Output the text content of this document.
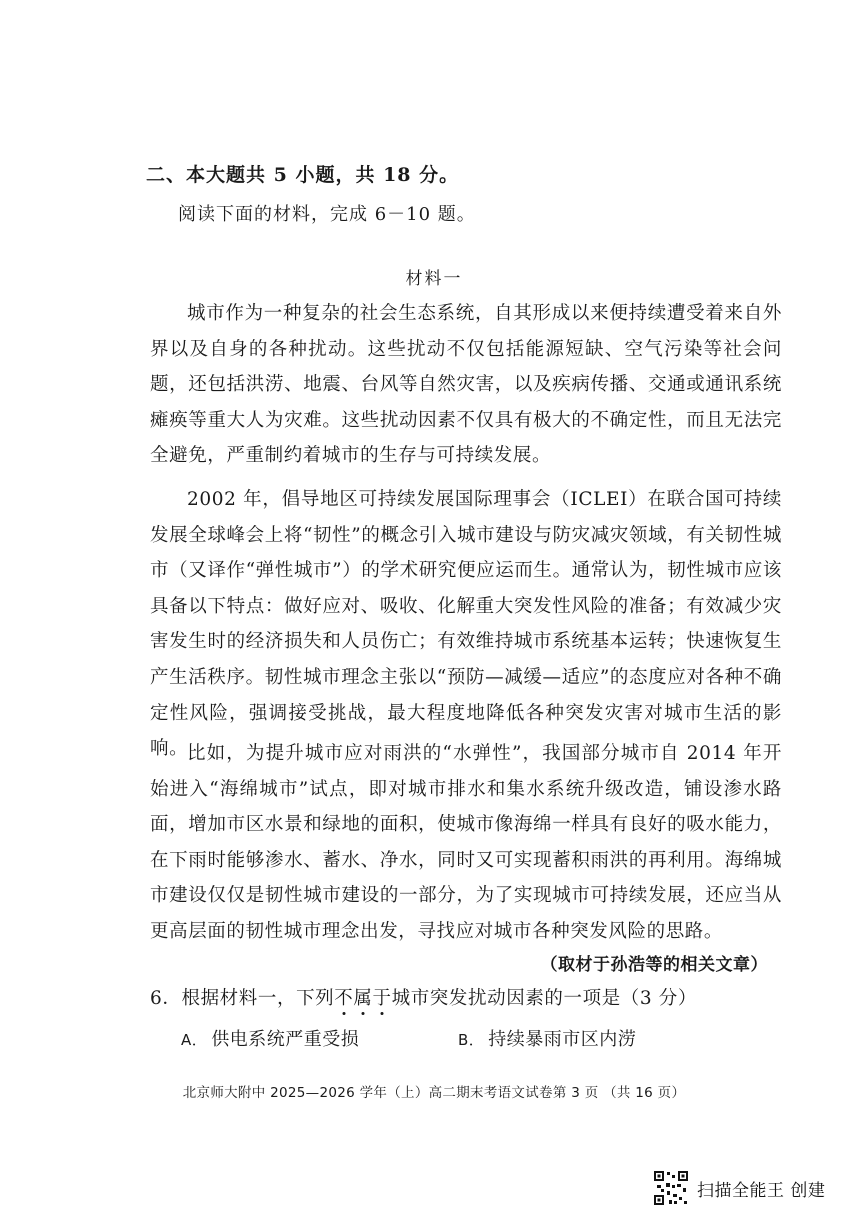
二、本大题共 5 小题，共 18 分。
阅读下面的材料，完成 6－10 题。
材料一

城市作为一种复杂的社会生态系统，自其形成以来便持续遭受着来自外界以及自身的各种扰动。这些扰动不仅包括能源短缺、空气污染等社会问题，还包括洪涝、地震、台风等自然灾害，以及疾病传播、交通或通讯系统瘫痪等重大人为灾难。这些扰动因素不仅具有极大的不确定性，而且无法完全避免，严重制约着城市的生存与可持续发展。

2002 年，倡导地区可持续发展国际理事会（ICLEI）在联合国可持续发展全球峰会上将“韧性”的概念引入城市建设与防灾减灾领域，有关韧性城市（又译作“弹性城市”）的学术研究便应运而生。通常认为，韧性城市应该具备以下特点：做好应对、吸收、化解重大突发性风险的准备；有效减少灾害发生时的经济损失和人员伤亡；有效维持城市系统基本运转；快速恢复生产生活秩序。韧性城市理念主张以“预防—减缓—适应”的态度应对各种不确定性风险，强调接受挑战，最大程度地降低各种突发灾害对城市生活的影响。

比如，为提升城市应对雨洪的“水弹性”，我国部分城市自 2014 年开始进入“海绵城市”试点，即对城市排水和集水系统升级改造，铺设渗水路面，增加市区水景和绿地的面积，使城市像海绵一样具有良好的吸水能力，在下雨时能够渗水、蓄水、净水，同时又可实现蓄积雨洪的再利用。海绵城市建设仅仅是韧性城市建设的一部分，为了实现城市可持续发展，还应当从更高层面的韧性城市理念出发，寻找应对城市各种突发风险的思路。

（取材于孙浩等的相关文章）
6．根据材料一，下列不属于城市突发扰动因素的一项是（3 分）
A． 供电系统严重受损	B． 持续暴雨市区内涝
北京师大附中 2025—2026 学年（上）高二期末考语文试卷第 3 页 （共 16 页）
扫描全能王 创建
